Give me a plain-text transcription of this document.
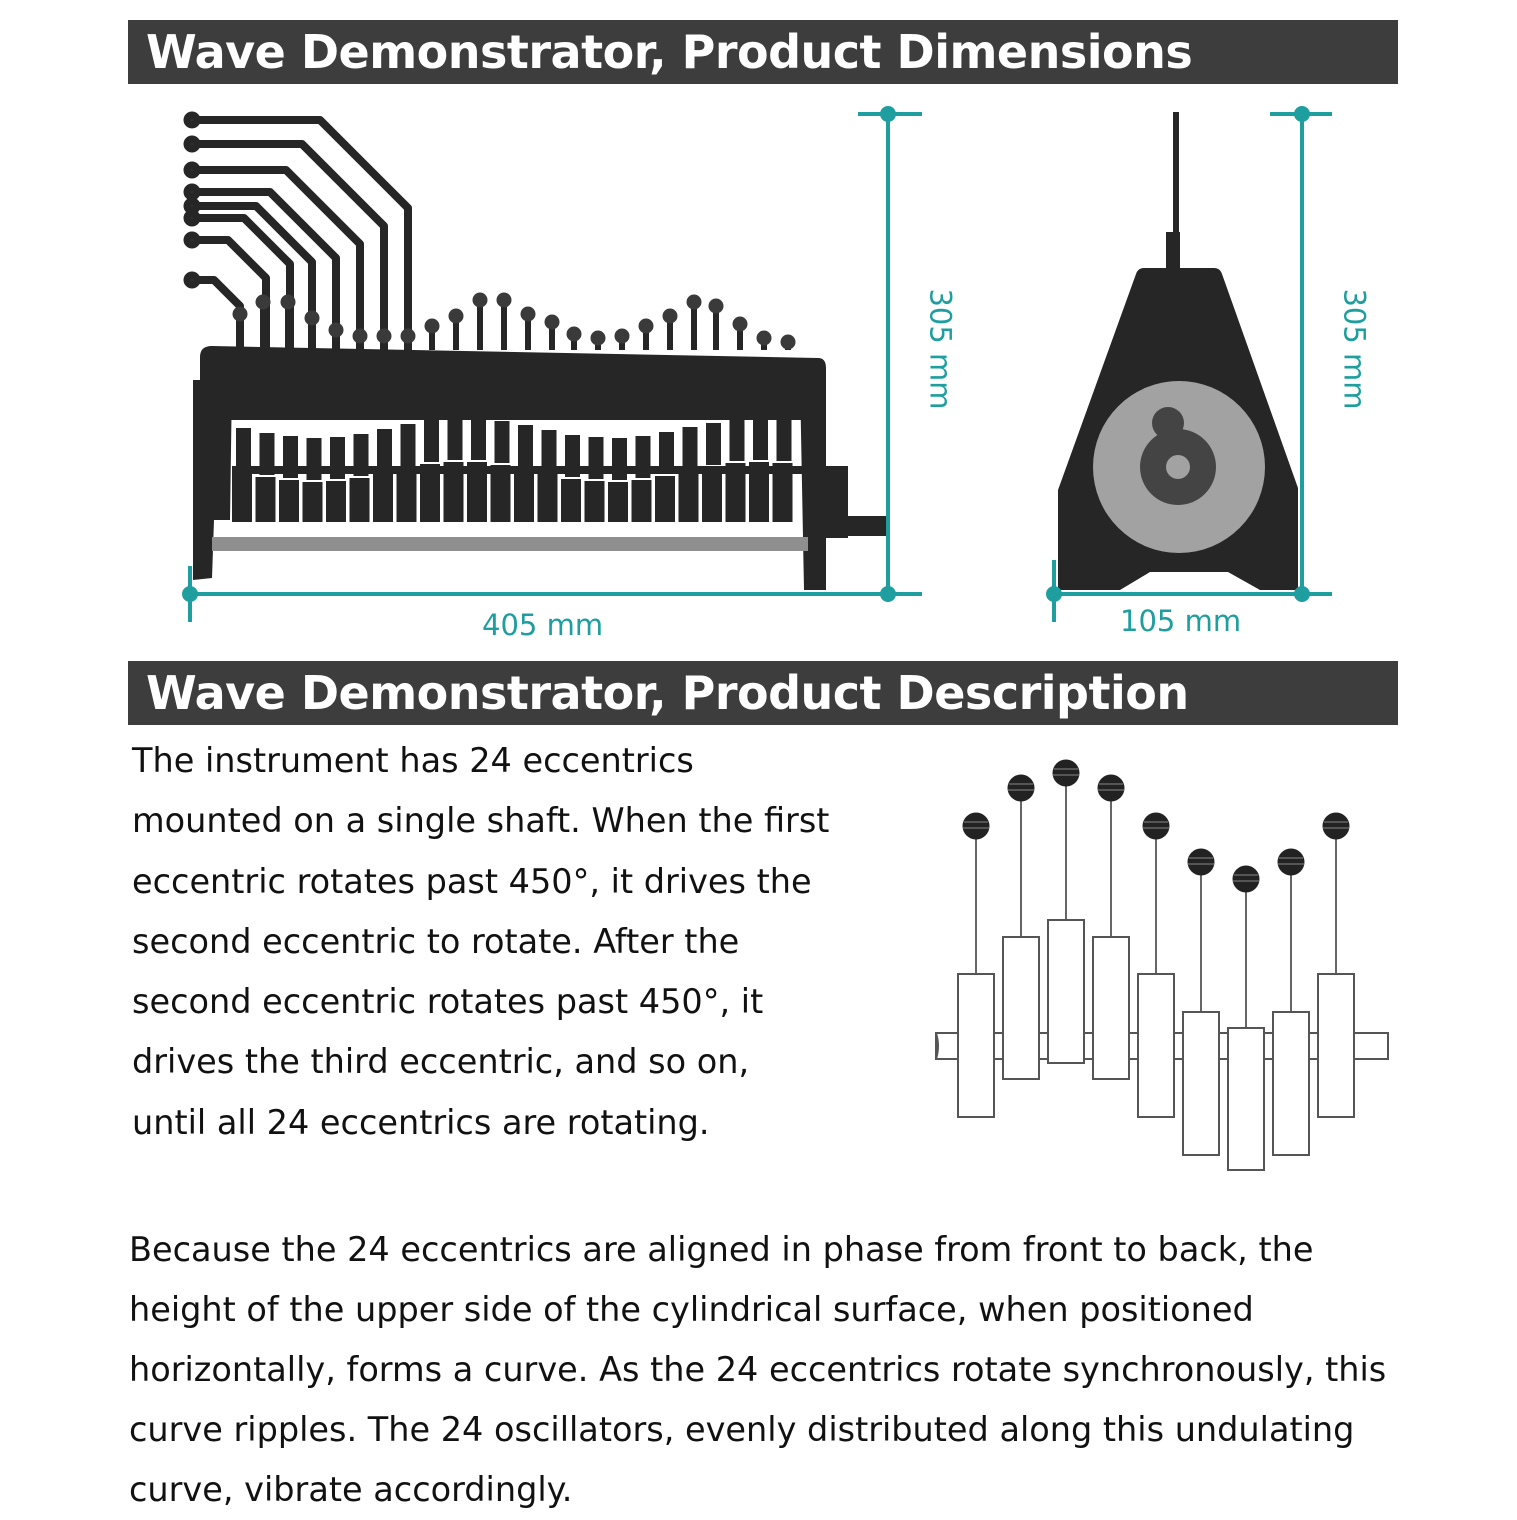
Wave Demonstrator, Product Dimensions
Wave Demonstrator, Product Description
305 mm
405 mm
305 mm
105 mm

The instrument has 24 eccentrics mounted on a single shaft. When the first eccentric rotates past 450°, it drives the second eccentric to rotate. After the second eccentric rotates past 450°, it drives the third eccentric, and so on, until all 24 eccentrics are rotating.

Because the 24 eccentrics are aligned in phase from front to back, the height of the upper side of the cylindrical surface, when positioned horizontally, forms a curve. As the 24 eccentrics rotate synchronously, this curve ripples. The 24 oscillators, evenly distributed along this undulating curve, vibrate accordingly.
